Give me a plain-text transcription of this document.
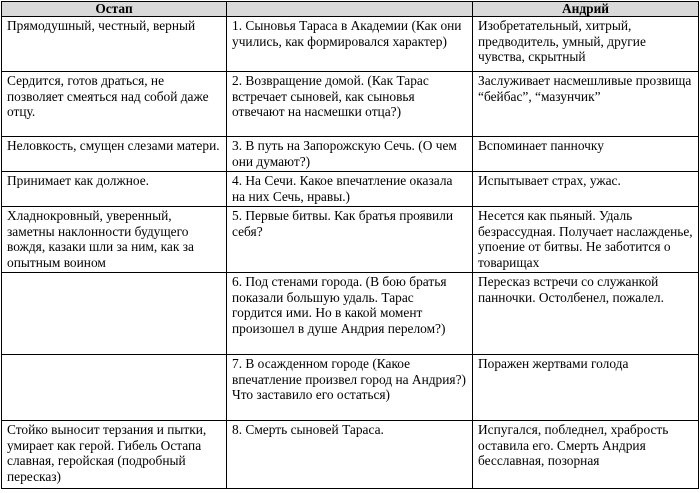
Остап		Андрий
Прямодушный, честный, верный	1. Сыновья Тараса в Академии (Как они учились, как формировался характер)	Изобретательный, хитрый, предводитель, умный, другие чувства, скрытный
Сердится, готов драться, не позволяет смеяться над собой даже отцу.	2. Возвращение домой. (Как Тарас встречает сыновей, как сыновья отвечают на насмешки отца?)	Заслуживает насмешливые прозвища “бейбас”, “мазунчик”
Неловкость, смущен слезами матери.	3. В путь на Запорожскую Сечь. (О чем они думают?)	Вспоминает панночку
Принимает как должное.	4. На Сечи. Какое впечатление оказала на них Сечь, нравы.)	Испытывает страх, ужас.
Хладнокровный, уверенный, заметны наклонности будущего вождя, казаки шли за ним, как за опытным воином	5. Первые битвы. Как братья проявили себя?	Несется как пьяный. Удаль безрассудная. Получает наслажденье, упоение от битвы. Не заботится о товарищах
	6. Под стенами города. (В бою братья показали большую удаль. Тарас гордится ими. Но в какой момент произошел в душе Андрия перелом?)	Пересказ встречи со служанкой панночки. Остолбенел, пожалел.
	7. В осажденном городе (Какое впечатление произвел город на Андрия?) Что заставило его остаться)	Поражен жертвами голода
Стойко выносит терзания и пытки, умирает как герой. Гибель Остапа славная, геройская (подробный пересказ)	8. Смерть сыновей Тараса.	Испугался, побледнел, храбрость оставила его. Смерть Андрия бесславная, позорная
